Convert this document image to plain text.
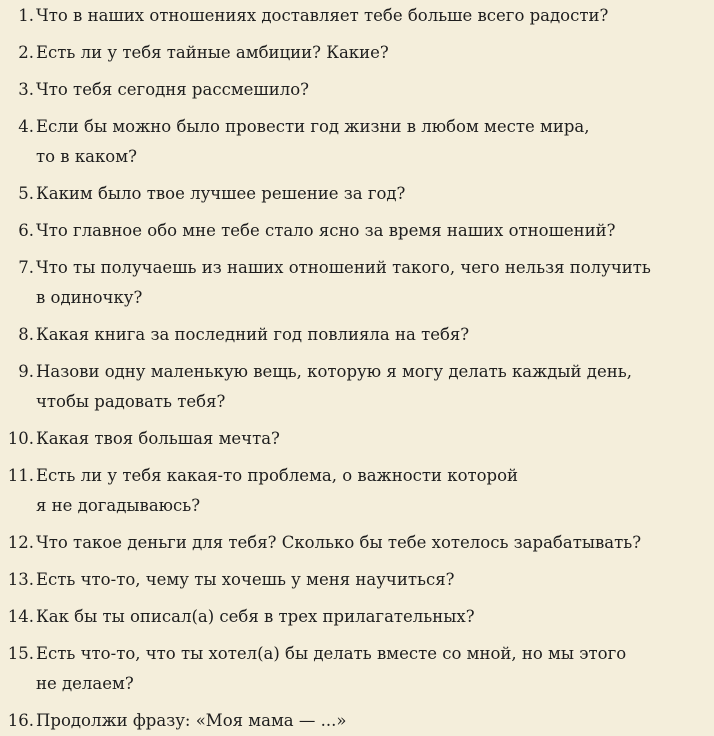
1. Что в наших отношениях доставляет тебе больше всего радости?
2. Есть ли у тебя тайные амбиции? Какие?
3. Что тебя сегодня рассмешило?
4. Если бы можно было провести год жизни в любом месте мира,
то в каком?
5. Каким было твое лучшее решение за год?
6. Что главное обо мне тебе стало ясно за время наших отношений?
7. Что ты получаешь из наших отношений такого, чего нельзя получить
в одиночку?
8. Какая книга за последний год повлияла на тебя?
9. Назови одну маленькую вещь, которую я могу делать каждый день,
чтобы радовать тебя?
10. Какая твоя большая мечта?
11. Есть ли у тебя какая-то проблема, о важности которой
я не догадываюсь?
12. Что такое деньги для тебя? Сколько бы тебе хотелось зарабатывать?
13. Есть что-то, чему ты хочешь у меня научиться?
14. Как бы ты описал(а) себя в трех прилагательных?
15. Есть что-то, что ты хотел(а) бы делать вместе со мной, но мы этого
не делаем?
16. Продолжи фразу: «Моя мама — ...»
